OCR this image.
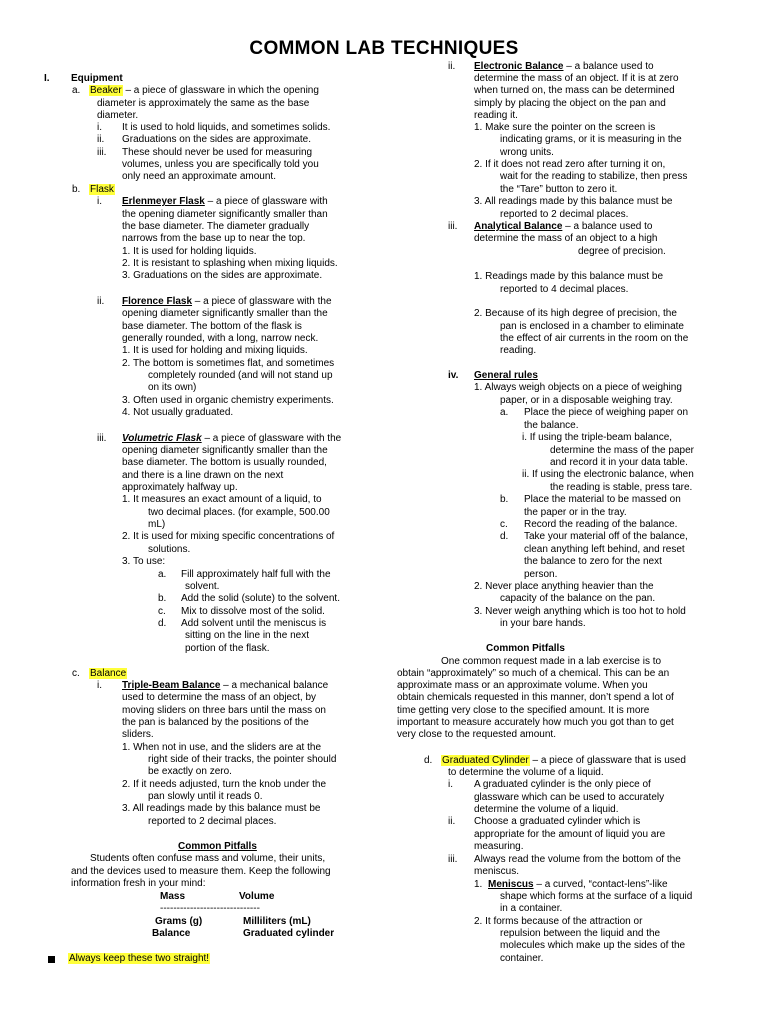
COMMON LAB TECHNIQUES
I. Equipment
a. Beaker – a piece of glassware in which the opening
diameter is approximately the same as the base
diameter.
i. It is used to hold liquids, and sometimes solids.
ii. Graduations on the sides are approximate.
iii. These should never be used for measuring
volumes, unless you are specifically told you
only need an approximate amount.
b. Flask
i. Erlenmeyer Flask – a piece of glassware with
the opening diameter significantly smaller than
the base diameter. The diameter gradually
narrows from the base up to near the top.
1. It is used for holding liquids.
2. It is resistant to splashing when mixing liquids.
3. Graduations on the sides are approximate.
ii. Florence Flask – a piece of glassware with the
opening diameter significantly smaller than the
base diameter. The bottom of the flask is
generally rounded, with a long, narrow neck.
1. It is used for holding and mixing liquids.
2. The bottom is sometimes flat, and sometimes
completely rounded (and will not stand up
on its own)
3. Often used in organic chemistry experiments.
4. Not usually graduated.
iii. Volumetric Flask – a piece of glassware with the
opening diameter significantly smaller than the
base diameter. The bottom is usually rounded,
and there is a line drawn on the next
approximately halfway up.
1. It measures an exact amount of a liquid, to
two decimal places. (for example, 500.00
mL)
2. It is used for mixing specific concentrations of
solutions.
3. To use:
a. Fill approximately half full with the
solvent.
b. Add the solid (solute) to the solvent.
c. Mix to dissolve most of the solid.
d. Add solvent until the meniscus is
sitting on the line in the next
portion of the flask.
c. Balance
i. Triple-Beam Balance – a mechanical balance
used to determine the mass of an object, by
moving sliders on three bars until the mass on
the pan is balanced by the positions of the
sliders.
1. When not in use, and the sliders are at the
right side of their tracks, the pointer should
be exactly on zero.
2. If it needs adjusted, turn the knob under the
pan slowly until it reads 0.
3. All readings made by this balance must be
reported to 2 decimal places.
Common Pitfalls
Students often confuse mass and volume, their units,
and the devices used to measure them. Keep the following
information fresh in your mind:
Mass	Volume
------------------------------
Grams (g)	Milliliters (mL)
Balance	Graduated cylinder
Always keep these two straight!
ii. Electronic Balance – a balance used to
determine the mass of an object. If it is at zero
when turned on, the mass can be determined
simply by placing the object on the pan and
reading it.
1. Make sure the pointer on the screen is
indicating grams, or it is measuring in the
wrong units.
2. If it does not read zero after turning it on,
wait for the reading to stabilize, then press
the “Tare” button to zero it.
3. All readings made by this balance must be
reported to 2 decimal places.
iii. Analytical Balance – a balance used to
determine the mass of an object to a high
degree of precision.
1. Readings made by this balance must be
reported to 4 decimal places.
2. Because of its high degree of precision, the
pan is enclosed in a chamber to eliminate
the effect of air currents in the room on the
reading.
iv. General rules
1. Always weigh objects on a piece of weighing
paper, or in a disposable weighing tray.
a. Place the piece of weighing paper on
the balance.
i. If using the triple-beam balance,
determine the mass of the paper
and record it in your data table.
ii. If using the electronic balance, when
the reading is stable, press tare.
b. Place the material to be massed on
the paper or in the tray.
c. Record the reading of the balance.
d. Take your material off of the balance,
clean anything left behind, and reset
the balance to zero for the next
person.
2. Never place anything heavier than the
capacity of the balance on the pan.
3. Never weigh anything which is too hot to hold
in your bare hands.
Common Pitfalls
One common request made in a lab exercise is to
obtain “approximately” so much of a chemical. This can be an
approximate mass or an approximate volume. When you
obtain chemicals requested in this manner, don’t spend a lot of
time getting very close to the specified amount. It is more
important to measure accurately how much you got than to get
very close to the requested amount.
d. Graduated Cylinder – a piece of glassware that is used
to determine the volume of a liquid.
i. A graduated cylinder is the only piece of
glassware which can be used to accurately
determine the volume of a liquid.
ii. Choose a graduated cylinder which is
appropriate for the amount of liquid you are
measuring.
iii. Always read the volume from the bottom of the
meniscus.
1. Meniscus – a curved, “contact-lens”-like
shape which forms at the surface of a liquid
in a container.
2. It forms because of the attraction or
repulsion between the liquid and the
molecules which make up the sides of the
container.
